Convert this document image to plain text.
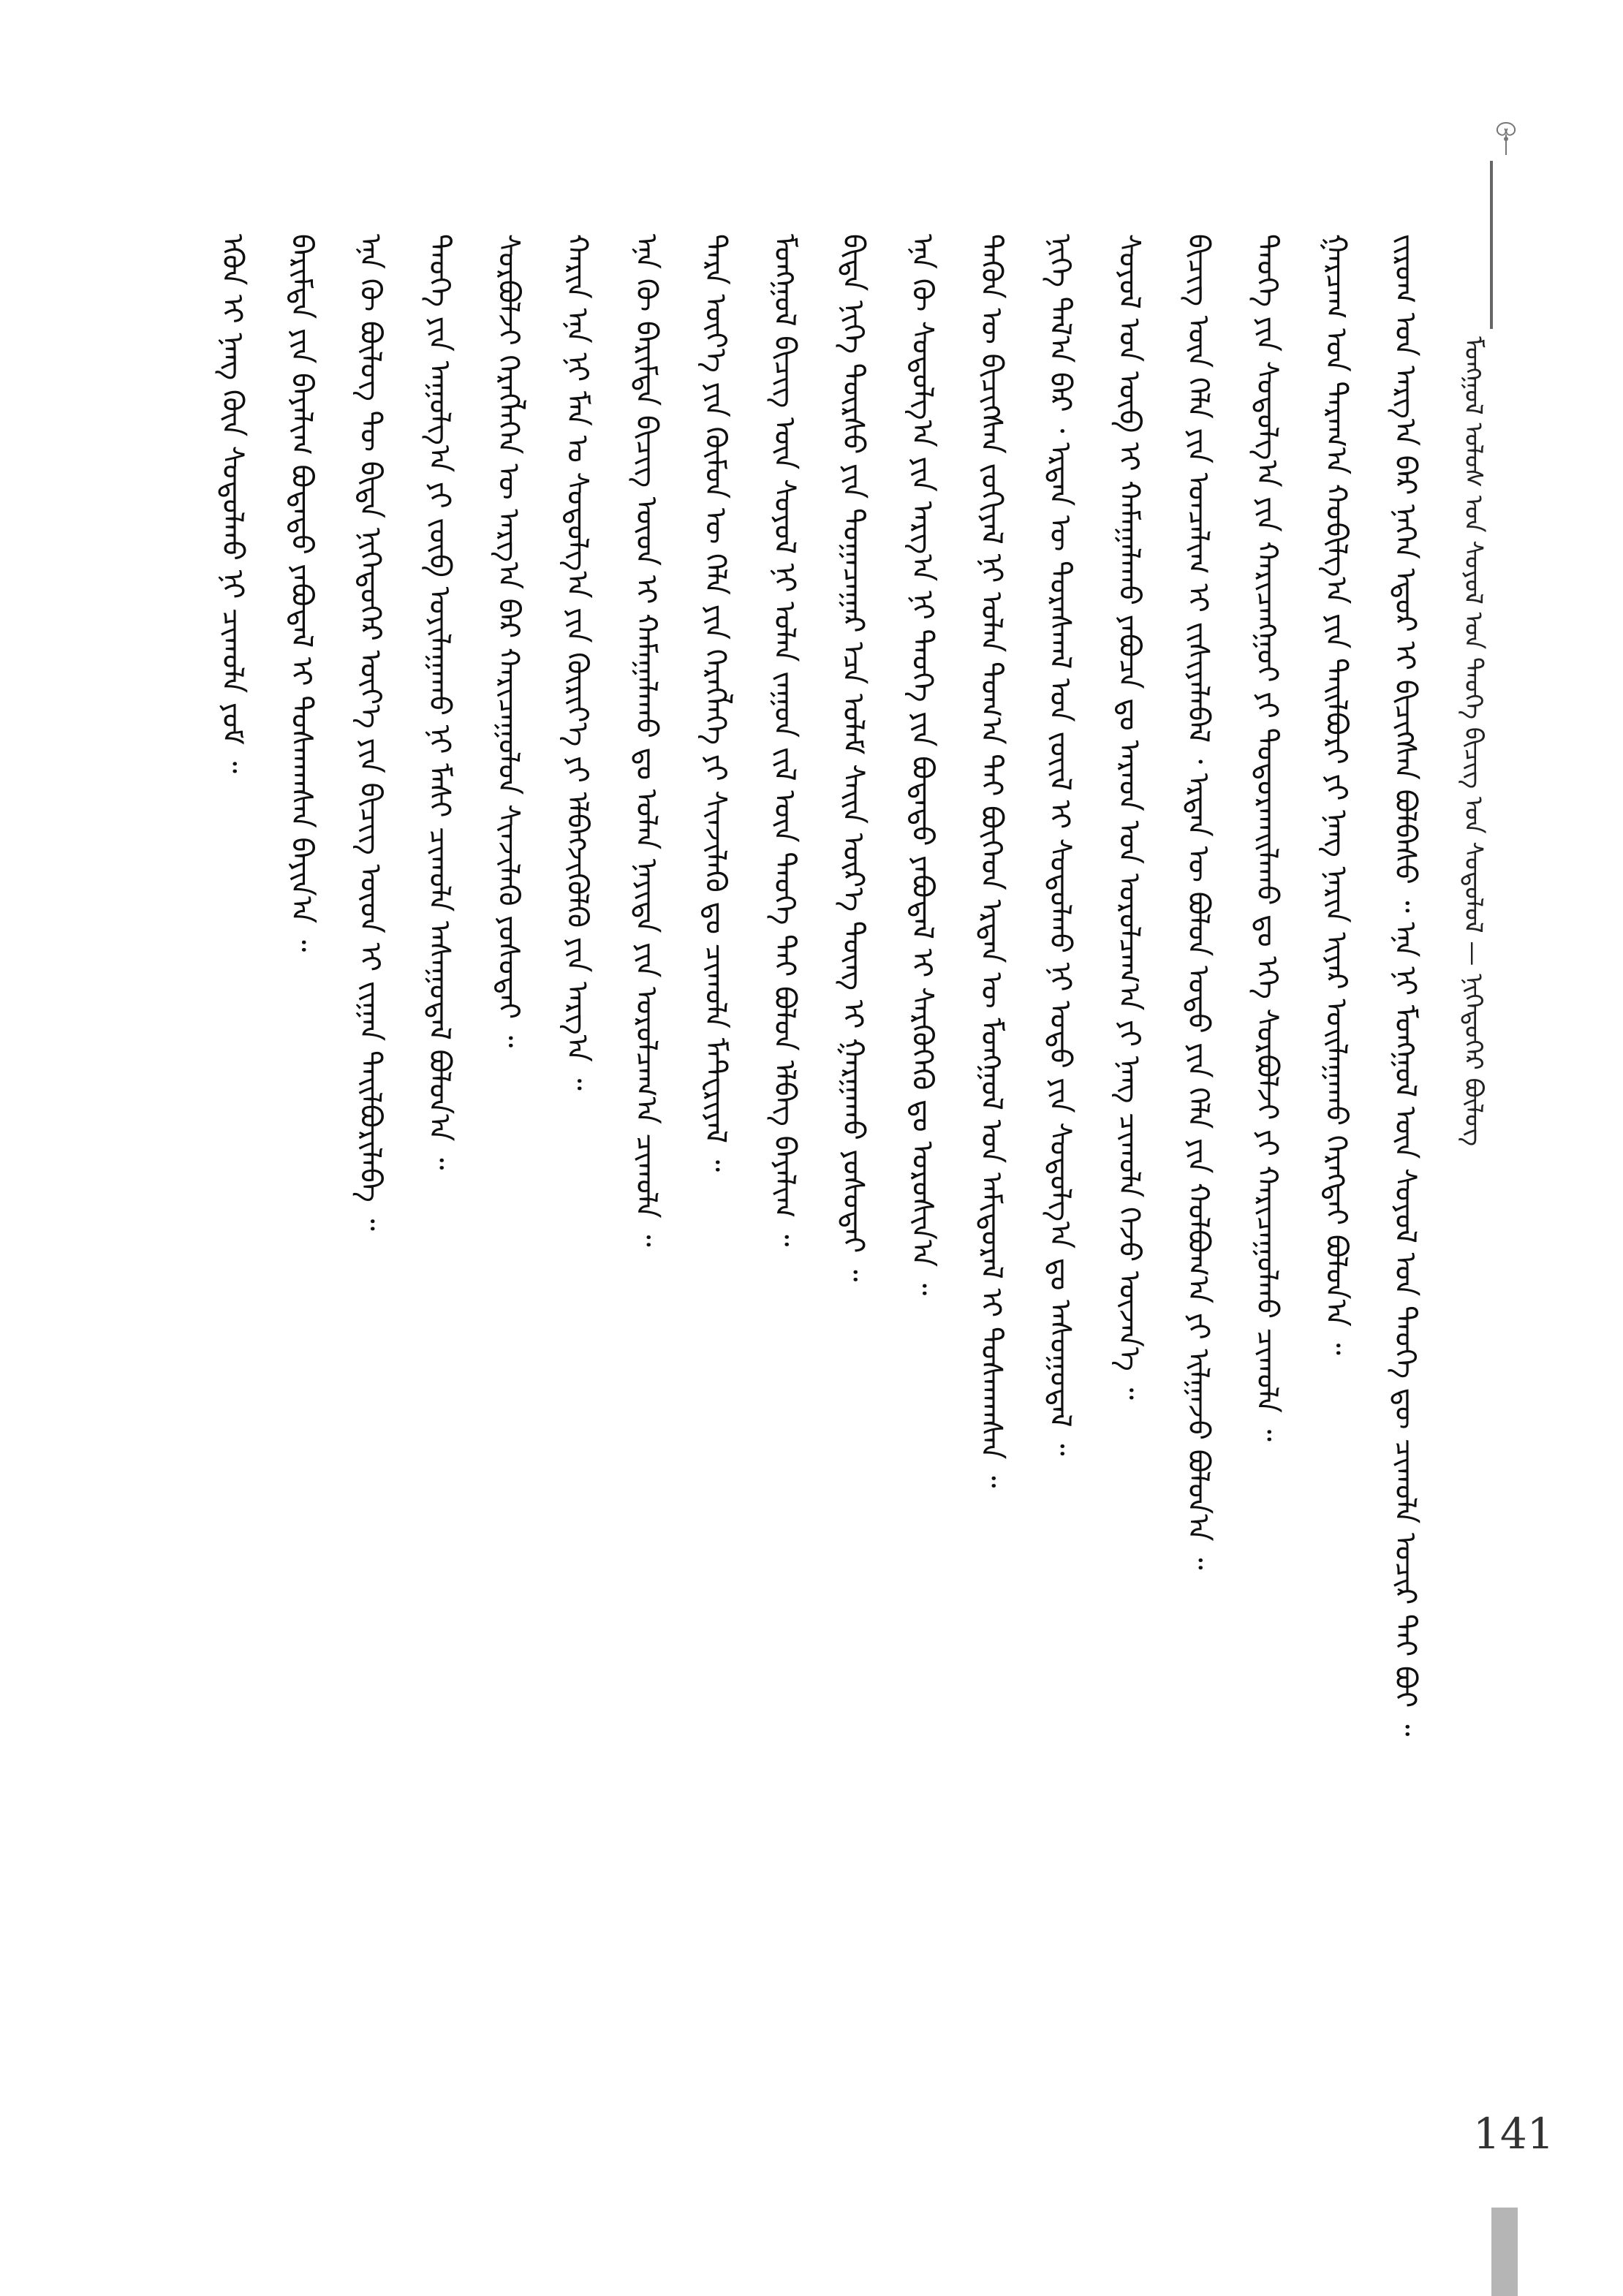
ᠮᠣᠩᠭᠣᠯ ᠤᠯᠤᠰ ᠤᠨ ᠰᠣᠶᠣᠯ ᠤᠨ ᠲᠡᠦᠬᠡ ᠪᠢᠴᠢᠭ ᠤᠨ ᠰᠣᠳᠤᠯᠤᠯ — ᠨᠢᠭᠡᠳᠦᠭᠡᠷ ᠪᠦᠯᠦᠭ
ᠵᠢᠷᠤᠭ ᠤᠨ ᠠᠷᠭ᠎ᠠ ᠪᠠᠷ ᠨᠡᠭᠡᠨ ᠡᠳᠦᠷ ᠢ ᠪᠢᠴᠢᠭᠰᠡᠨ ᠪᠣᠯᠪᠠᠰᠤ ᠃ ᠡᠨᠡ ᠨᠢ ᠮᠣᠩᠭᠣᠯ ᠦᠨ ᠰᠣᠶᠣᠯ ᠤᠨ ᠲᠡᠦᠬᠡ ᠳᠦ ᠴᠢᠬᠤᠯᠠ ᠤᠴᠢᠷ ᠲᠠᠢ ᠪᠤᠢ ᠃
ᠭᠠᠷᠴᠠᠭ ᠤᠨ ᠳᠠᠷᠠᠭ᠎ᠠ ᠬᠤᠪᠢᠯᠭ᠎ᠠ ᠶᠢᠨ ᠲᠠᠢᠯᠪᠤᠷᠢ ᠶᠢ ᠨᠡᠩ ᠨᠠᠷᠢᠨ ᠢᠶᠠᠷ ᠣᠢᠯᠠᠭᠠᠬᠤ ᠬᠡᠷᠡᠭᠲᠡᠢ ᠪᠣᠯᠤᠨ᠎ᠠ ᠃
ᠲᠡᠦᠬᠡ ᠶᠢᠨ ᠰᠤᠳᠤᠯᠭ᠎ᠠ ᠶᠢᠨ ᠬᠠᠷᠢᠴᠠᠩᠭᠤᠢ ᠶᠢ ᠲᠣᠳᠣᠷᠬᠠᠢᠯᠠᠬᠤ ᠳᠤ ᠡᠬᠡ ᠰᠤᠷᠪᠤᠯᠵᠢ ᠶᠢ ᠬᠠᠷᠢᠴᠠᠭᠤᠯᠬᠤ ᠴᠢᠬᠤᠯᠠ ᠃
ᠪᠢᠴᠢᠭ᠌ ᠦᠨ ᠬᠡᠯᠡ ᠶᠢᠨ ᠣᠨᠴᠠᠯᠢᠭ ᠢ ᠵᠢᠱᠢᠶᠡᠯᠡᠪᠡᠯ ᠂ ᠡᠷᠲᠡᠨ ᠦ ᠪᠣᠯᠤᠨ ᠣᠳᠣ ᠶᠢᠨ ᠬᠡᠯᠡ ᠶᠢᠨ ᠬᠣᠯᠪᠣᠭ᠎ᠠ ᠶᠢ ᠢᠯᠭᠠᠵᠤ ᠪᠣᠯᠤᠨ᠎ᠠ ᠃
ᠰᠣᠶᠣᠯ ᠤᠨ ᠥᠪ ᠢ ᠬᠠᠮᠠᠭᠠᠯᠠᠬᠤ ᠶᠠᠪᠤᠴᠠ ᠳᠤ ᠠᠷᠠᠳ ᠤᠨ ᠣᠷᠤᠯᠴᠠᠭ᠎ᠠ ᠶᠢ ᠨᠡᠩ ᠴᠢᠬᠤᠯᠠ ᠭᠡᠵᠦ ᠦᠵᠡᠨ᠎ᠡ ᠃
ᠨᠢᠭᠡ ᠲᠠᠯ᠎ᠠ ᠪᠠᠷ ᠂ ᠡᠷᠲᠡᠨ ᠦ ᠳᠤᠷᠠᠰᠬᠠᠯ ᠤᠨ ᠵᠦᠢᠯ ᠢ ᠰᠤᠳᠤᠯᠬᠤ ᠨᠢ ᠣᠳᠣ ᠶᠢᠨ ᠰᠤᠳᠤᠯᠭ᠎ᠠ ᠳᠤ ᠠᠰᠤᠭᠤᠳᠠᠯ ᠃
ᠲᠡᠭᠦᠨ ᠦ ᠪᠢᠴᠢᠭᠰᠡᠨ ᠵᠣᠬᠢᠶᠠᠯ ᠨᠢ ᠣᠯᠠᠨ ᠲᠣᠭ᠎ᠠ ᠲᠠᠢ ᠪᠥᠭᠡᠳ ᠡᠷᠲᠡᠨ ᠦ ᠮᠣᠩᠭᠣᠯ ᠤᠨ ᠠᠮᠢᠳᠤᠷᠠᠯ ᠢ ᠲᠤᠰᠬᠠᠭᠰᠠᠨ ᠃
ᠡᠨᠡ ᠬᠦ ᠰᠤᠳᠤᠯᠭ᠎ᠠ ᠶᠢᠨ ᠠᠷᠭ᠎ᠠ ᠨᠢ ᠲᠡᠦᠬᠡ ᠶᠢᠨ ᠪᠣᠳᠠᠲᠤ ᠶᠠᠪᠤᠳᠠᠯ ᠢ ᠰᠡᠷᠭᠦᠭᠡᠬᠦ ᠳᠤ ᠣᠷᠣᠰᠢᠨ᠎ᠠ ᠃
ᠪᠢᠳᠡ ᠨᠢᠭᠡ ᠳᠦᠷᠰᠦ ᠶᠢᠨ ᠲᠣᠭᠠᠴᠠᠭᠠᠷ ᠡᠴᠡ ᠤᠯᠠᠮ ᠰᠠᠢᠨ ᠦᠷ᠎ᠡ ᠳᠦᠩ ᠢ ᠭᠠᠷᠭᠠᠬᠤ ᠶᠣᠰᠤᠲᠠᠢ ᠃
ᠮᠣᠩᠭᠣᠯ ᠪᠢᠴᠢᠭ᠌ ᠦᠨ ᠰᠣᠶᠣᠯ ᠨᠢ ᠣᠯᠠᠨ ᠵᠠᠭᠤᠨ ᠵᠢᠯ ᠦᠨ ᠲᠡᠦᠬᠡ ᠲᠠᠢ ᠪᠣᠯᠤᠨ ᠡᠯᠪᠡᠭ ᠪᠠᠶᠠᠯᠢᠭ ᠃
ᠲᠡᠷᠡ ᠦᠶ᠎ᠡ ᠶᠢᠨ ᠬᠦᠮᠦᠨ ᠦ ᠬᠡᠯᠡ ᠶᠢᠨ ᠬᠡᠷᠡᠭᠯᠡᠭᠡ ᠶᠢ ᠰᠢᠨᠵᠢᠯᠡᠬᠦ ᠳᠤ ᠴᠢᠬᠤᠯᠠ ᠮᠠᠲ᠋ᠧᠷᠢᠶᠠᠯ ᠃
ᠡᠨᠡ ᠬᠦ ᠪᠠᠷᠢᠮᠲᠠ ᠪᠢᠴᠢᠭ᠌ ᠦᠳ ᠢ ᠬᠠᠮᠠᠭᠠᠯᠠᠬᠤ ᠳᠤ ᠣᠯᠠᠨ ᠨᠡᠶᠢᠲᠡ ᠶᠢᠨ ᠣᠷᠤᠯᠴᠠᠭ᠎ᠠ ᠴᠢᠬᠤᠯᠠ ᠃
ᠬᠠᠷᠢᠨ ᠡᠨᠡ ᠨᠢ ᠮᠠᠨ ᠤ ᠰᠤᠳᠤᠯᠭ᠎ᠠ ᠶᠢᠨ ᠬᠦᠷᠢᠶ᠎ᠡ ᠶᠢ ᠡᠯᠪᠡᠭᠵᠢᠭᠦᠯᠬᠦ ᠶᠢᠨ ᠠᠷᠭ᠎ᠠ ᠃
ᠰᠤᠷᠪᠤᠯᠵᠢ ᠬᠡᠷᠡᠭᠯᠡᠭᠡᠨ ᠦ ᠠᠷᠭ᠎ᠠ ᠪᠠᠷ ᠬᠠᠷᠢᠴᠠᠭᠤᠯᠤᠨ ᠰᠢᠨᠵᠢᠯᠡᠬᠦ ᠶᠣᠰᠤᠲᠠᠢ ᠃
ᠲᠡᠦᠬᠡ ᠶᠢᠨ ᠠᠭᠤᠯᠭ᠎ᠠ ᠶᠢ ᠵᠥᠪ ᠣᠶᠢᠯᠠᠭᠠᠬᠤ ᠨᠢ ᠮᠠᠰᠢ ᠴᠢᠬᠤᠯᠠ ᠠᠰᠠᠭᠤᠳᠠᠯ ᠪᠣᠯᠤᠨ᠎ᠠ ᠃
ᠡᠨᠡ ᠬᠦ ᠪᠦᠯᠦᠭ ᠲᠦ ᠪᠢᠳᠡ ᠨᠢᠭᠡᠳᠦᠭᠡᠷ ᠦᠶ᠎ᠡ ᠶᠢᠨ ᠪᠢᠴᠢᠭ᠌ ᠦᠳ ᠢ ᠵᠢᠭᠠᠨ ᠲᠠᠢᠯᠪᠤᠷᠢᠯᠠᠪᠠ ᠃
ᠪᠠᠷᠢᠮᠲᠠ ᠶᠢᠨ ᠪᠠᠶᠠᠯᠢᠭ ᠪᠣᠳᠠᠲᠤ ᠶᠠᠪᠤᠳᠠᠯ ᠢ ᠲᠤᠰᠬᠠᠭᠰᠠᠨ ᠪᠠᠶᠢᠨ᠎ᠠ ᠃
ᠡᠭᠦᠨ ᠢ ᠨᠡᠩ ᠭᠦᠨ ᠰᠤᠳᠤᠯᠬᠤ ᠨᠢ ᠴᠢᠬᠤᠯᠠ ᠶᠤᠮ ᠃
141
